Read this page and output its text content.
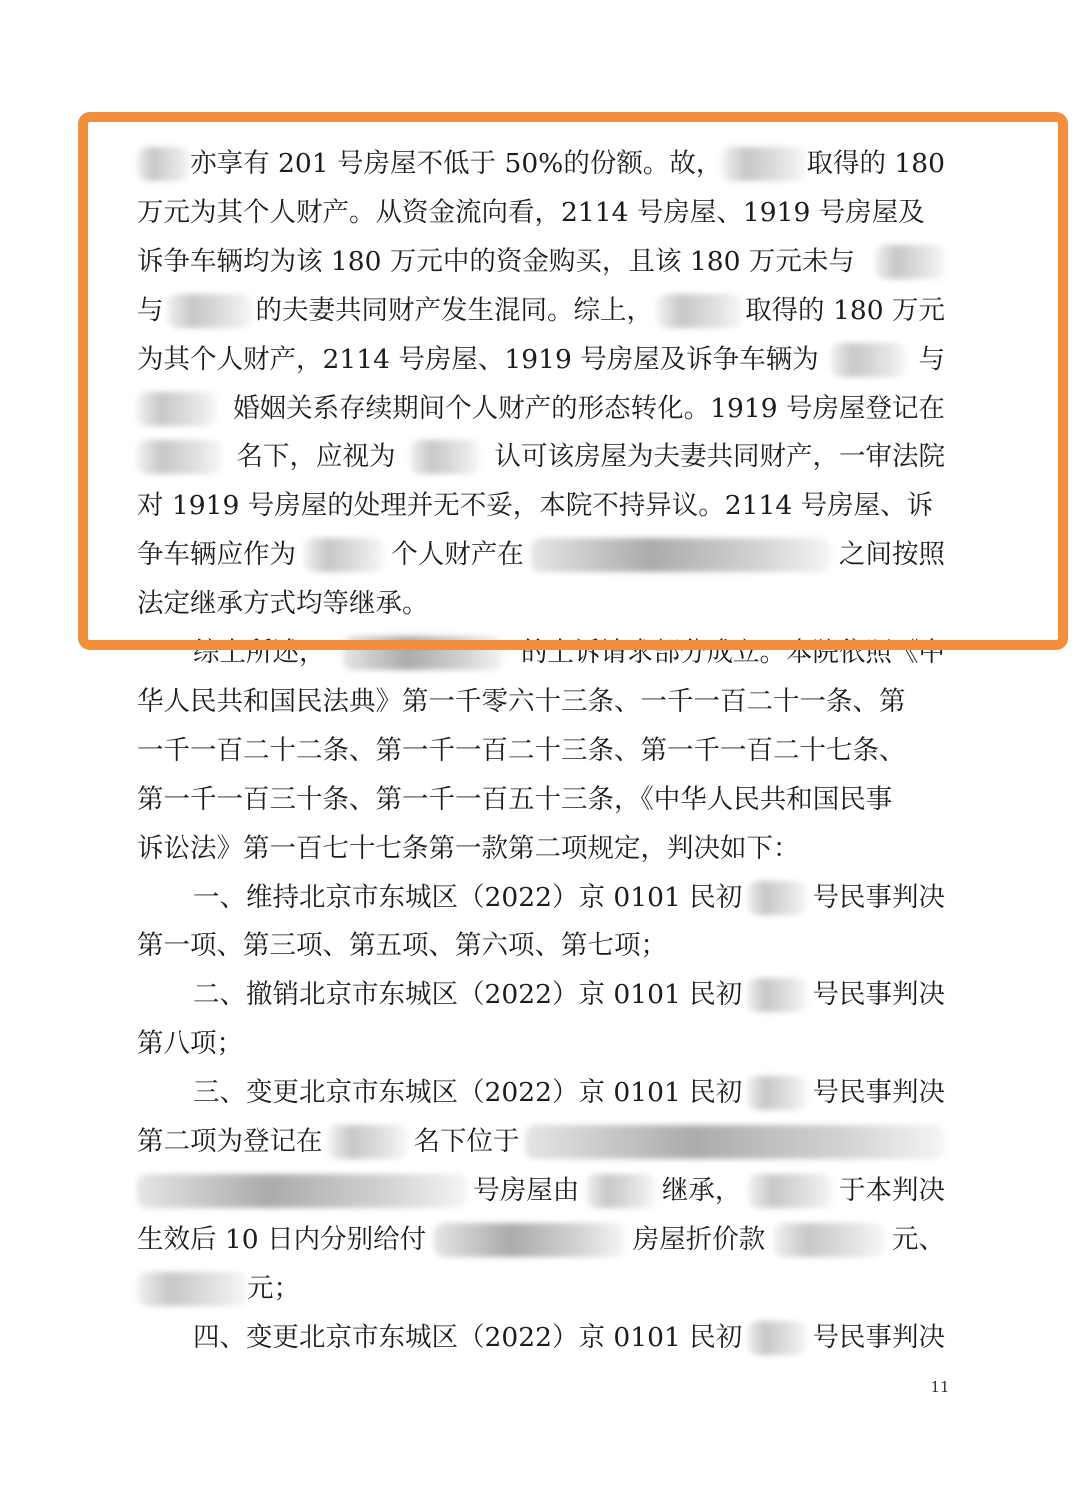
亦享有 201 号房屋不低于 50%的份额。故，	取得的 180
万元为其个人财产。从资金流向看，2114 号房屋、1919 号房屋及
诉争车辆均为该 180 万元中的资金购买，且该 180 万元未与
与	的夫妻共同财产发生混同。综上，	取得的 180 万元
为其个人财产，2114 号房屋、1919 号房屋及诉争车辆为	与
婚姻关系存续期间个人财产的形态转化。1919 号房屋登记在
名下，应视为	认可该房屋为夫妻共同财产，一审法院
对 1919 号房屋的处理并无不妥，本院不持异议。2114 号房屋、诉
争车辆应作为	个人财产在	之间按照
法定继承方式均等继承。
综上所述，	的上诉请求部分成立。本院依照《中
华人民共和国民法典》第一千零六十三条、一千一百二十一条、第
一千一百二十二条、第一千一百二十三条、第一千一百二十七条、
第一千一百三十条、第一千一百五十三条，《中华人民共和国民事
诉讼法》第一百七十七条第一款第二项规定，判决如下：
一、维持北京市东城区（2022）京 0101 民初	号民事判决
第一项、第三项、第五项、第六项、第七项；
二、撤销北京市东城区（2022）京 0101 民初	号民事判决
第八项；
三、变更北京市东城区（2022）京 0101 民初	号民事判决
第二项为登记在	名下位于
号房屋由	继承，	于本判决
生效后 10 日内分别给付	房屋折价款	元、
元；
四、变更北京市东城区（2022）京 0101 民初	号民事判决
11
